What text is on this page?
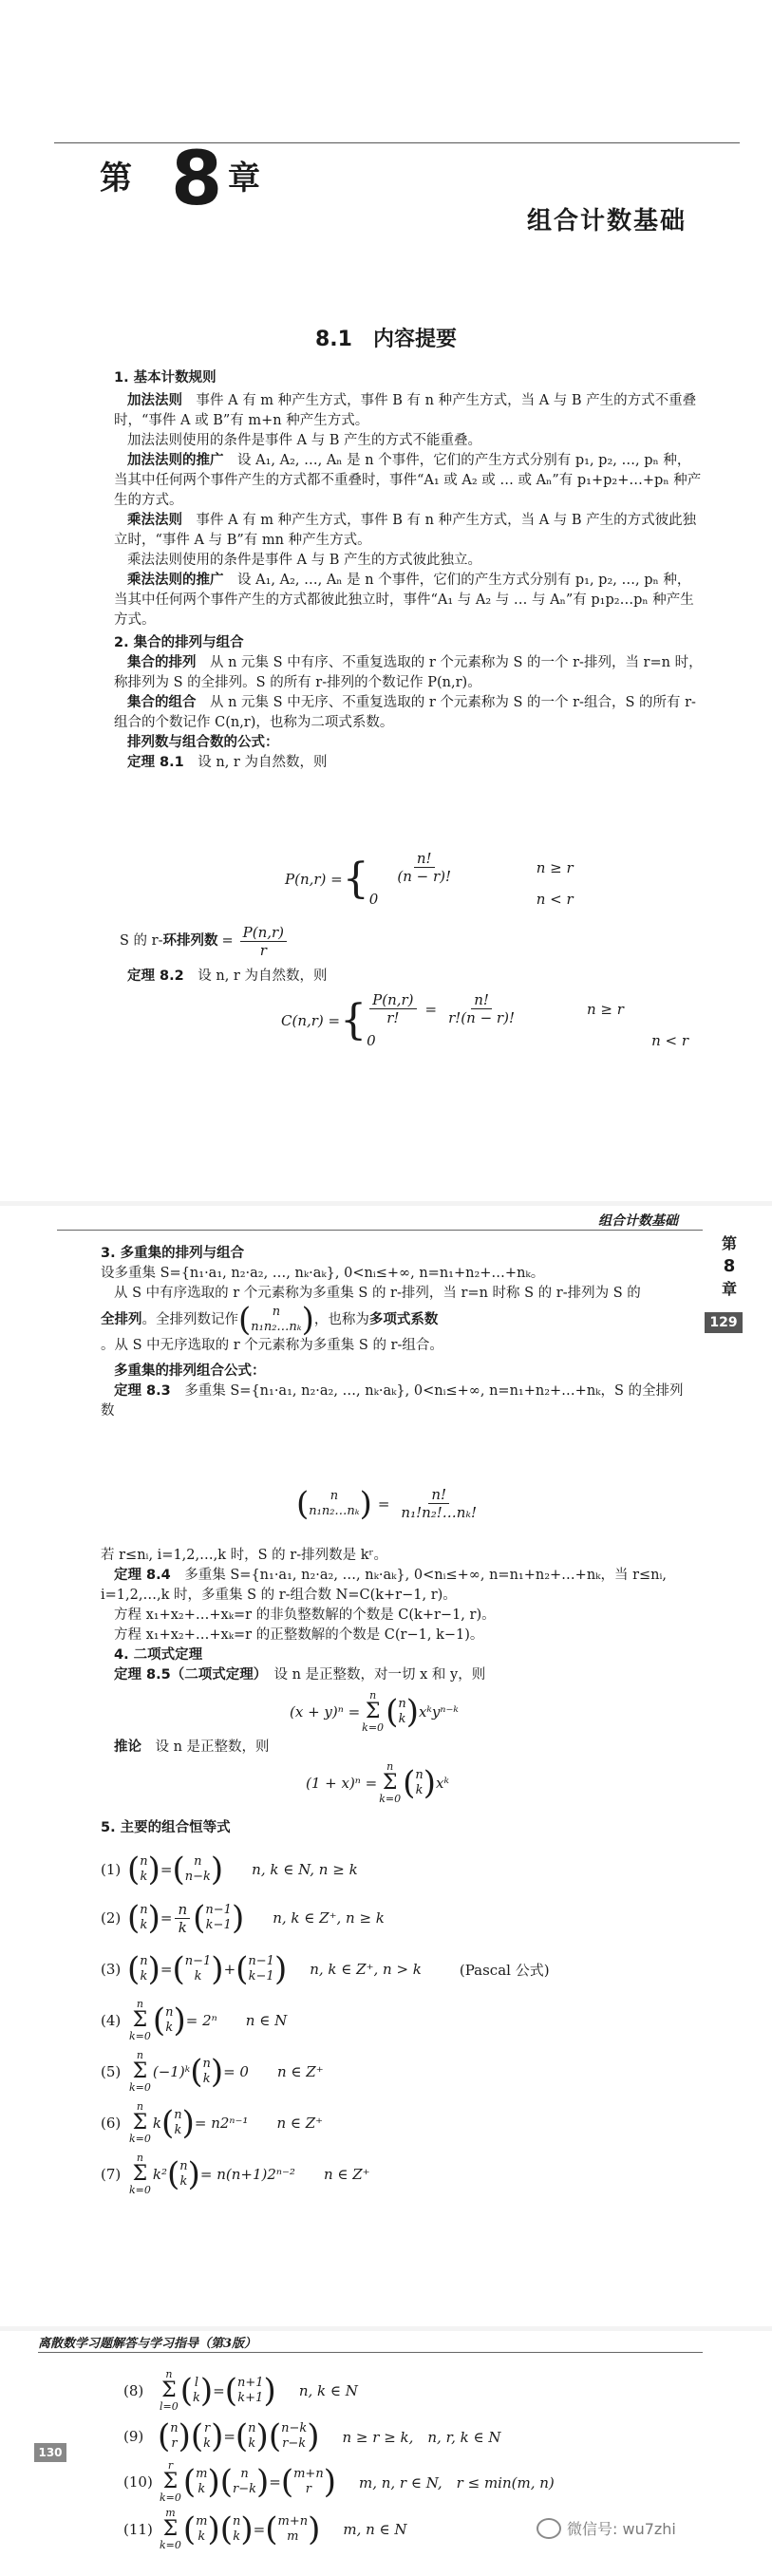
第 8 章
组合计数基础
8.1　内容提要
1. 基本计数规则
加法法则　 事件 A 有 m 种产生方式，事件 B 有 n 种产生方式，当 A 与 B 产生的方式不重叠时，“事件 A 或 B”有 m+n 种产生方式。
加法法则使用的条件是事件 A 与 B 产生的方式不能重叠。
加法法则的推广　 设 A₁, A₂, …, Aₙ 是 n 个事件，它们的产生方式分别有 p₁, p₂, …, pₙ 种，当其中任何两个事件产生的方式都不重叠时，事件“A₁ 或 A₂ 或 … 或 Aₙ”有 p₁+p₂+…+pₙ 种产生的方式。
乘法法则　 事件 A 有 m 种产生方式，事件 B 有 n 种产生方式，当 A 与 B 产生的方式彼此独立时，“事件 A 与 B”有 mn 种产生方式。
乘法法则使用的条件是事件 A 与 B 产生的方式彼此独立。
乘法法则的推广　 设 A₁, A₂, …, Aₙ 是 n 个事件，它们的产生方式分别有 p₁, p₂, …, pₙ 种，当其中任何两个事件产生的方式都彼此独立时，事件“A₁ 与 A₂ 与 … 与 Aₙ”有 p₁p₂…pₙ 种产生方式。
2. 集合的排列与组合
集合的排列　 从 n 元集 S 中有序、不重复选取的 r 个元素称为 S 的一个 r-排列，当 r=n 时，称排列为 S 的全排列。S 的所有 r-排列的个数记作 P(n,r)。
集合的组合　 从 n 元集 S 中无序、不重复选取的 r 个元素称为 S 的一个 r-组合，S 的所有 r-组合的个数记作 C(n,r)，也称为二项式系数。
排列数与组合数的公式：
定理 8.1　 设 n, r 为自然数，则
P(n,r) = { $\frac{n!}{(n - r)!}$	n ≥ r
0	n < r
S 的 r- 环排列数 = $\frac{P(n,r)}{r}$
定理 8.2　 设 n, r 为自然数，则
C(n,r) = { $\frac{P(n,r)}{r!} = \frac{n!}{r!(n - r)!}$	n ≥ r
0	n < r
组合计数基础
第
8
章
129
3. 多重集的排列与组合
设多重集 S={n₁·a₁, n₂·a₂, …, nₖ·aₖ}, 0<nᵢ≤+∞, n=n₁+n₂+…+nₖ。
从 S 中有序选取的 r 个元素称为多重集 S 的 r-排列，当 r=n 时称 S 的 r-排列为 S 的
全排列 。全排列数记作 ( n
n₁n₂…nₖ ) ，也称为 多项式系数
。从 S 中无序选取的 r 个元素称为多重集 S 的 r-组合。
多重集的排列组合公式：
定理 8.3　 多重集 S={n₁·a₁, n₂·a₂, …, nₖ·aₖ}, 0<nᵢ≤+∞, n=n₁+n₂+…+nₖ，S 的全排列数
( n
n₁n₂…nₖ ) = $\frac{n!}{\text{n₁!n₂!…nₖ!}}$
若 r≤nᵢ, i=1,2,…,k 时，S 的 r-排列数是 kʳ。
定理 8.4　 多重集 S={n₁·a₁, n₂·a₂, …, nₖ·aₖ}, 0<nᵢ≤+∞, n=n₁+n₂+…+nₖ，当 r≤nᵢ, i=1,2,…,k 时，多重集 S 的 r-组合数 N=C(k+r−1, r)。
方程 x₁+x₂+…+xₖ=r 的非负整数解的个数是 C(k+r−1, r)。
方程 x₁+x₂+…+xₖ=r 的正整数解的个数是 C(r−1, k−1)。
4. 二项式定理
定理 8.5（二项式定理）　 设 n 是正整数，对一切 x 和 y，则
(x + y)ⁿ =
n
Σ
k=0 ( n
k ) xᵏyⁿ⁻ᵏ
推论　 设 n 是正整数，则
(1 + x)ⁿ =
n
Σ
k=0 ( n
k ) xᵏ
5. 主要的组合恒等式
(1) ( n
k ) = ( n
n−k ) n, k ∈ N, n ≥ k
(2) ( n
k ) = $\frac{n}{k}$ ( n−1
k−1 ) n, k ∈ Z⁺, n ≥ k
(3) ( n
k ) = ( n−1
k ) + ( n−1
k−1 ) n, k ∈ Z⁺, n > k	(Pascal 公式)
(4)
n
Σ
k=0 ( n
k ) = 2ⁿ n ∈ N
(5)
n
Σ
k=0
(−1)ᵏ ( n
k ) = 0 n ∈ Z⁺
(6)
n
Σ
k=0
k ( n
k ) = n2ⁿ⁻¹ n ∈ Z⁺
(7)
n
Σ
k=0
k² ( n
k ) = n(n+1)2ⁿ⁻² n ∈ Z⁺
离散数学习题解答与学习指导（第3版）
130
(8)
n
Σ
l=0 ( l
k ) = ( n+1
k+1 ) n, k ∈ N
(9) ( n
r ) ( r
k ) = ( n
k ) ( n−k
r−k ) n ≥ r ≥ k,　n, r, k ∈ N
(10)
r
Σ
k=0 ( m
k ) ( n
r−k ) = ( m+n
r ) m, n, r ∈ N,　r ≤ min(m, n)
(11)
m
Σ
k=0 ( m
k ) ( n
k ) = ( m+n
m ) m, n ∈ N	微信号: wu7zhi
